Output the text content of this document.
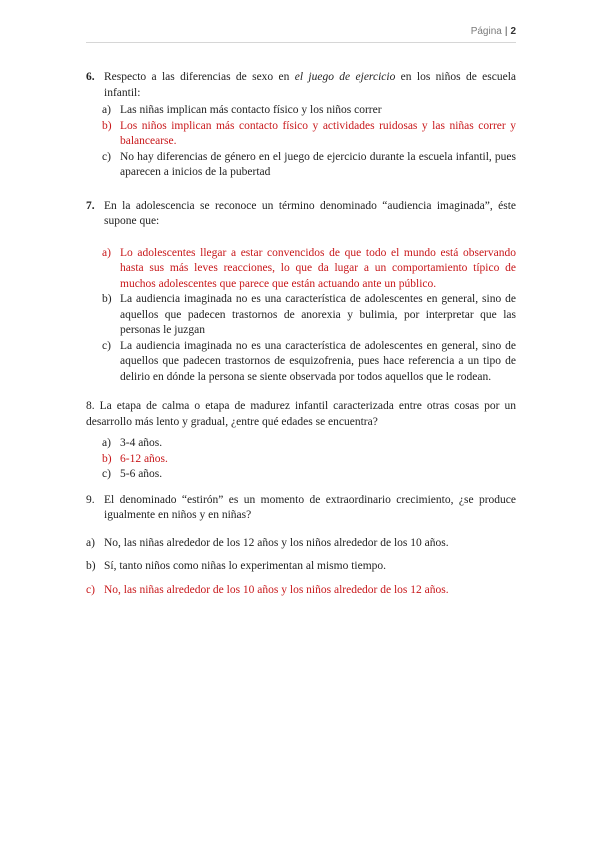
Página | 2
6. Respecto a las diferencias de sexo en el juego de ejercicio en los niños de escuela infantil:
a) Las niñas implican más contacto físico y los niños correr
b) Los niños implican más contacto físico y actividades ruidosas y las niñas correr y balancearse.
c) No hay diferencias de género en el juego de ejercicio durante la escuela infantil, pues aparecen a inicios de la pubertad
7. En la adolescencia se reconoce un término denominado “audiencia imaginada”, éste supone que:
a) Lo adolescentes llegar a estar convencidos de que todo el mundo está observando hasta sus más leves reacciones, lo que da lugar a un comportamiento típico de muchos adolescentes que parece que están actuando ante un público.
b) La audiencia imaginada no es una característica de adolescentes en general, sino de aquellos que padecen trastornos de anorexia y bulimia, por interpretar que las personas le juzgan
c) La audiencia imaginada no es una característica de adolescentes en general, sino de aquellos que padecen trastornos de esquizofrenia, pues hace referencia a un tipo de delirio en dónde la persona se siente observada por todos aquellos que le rodean.

8. La etapa de calma o etapa de madurez infantil caracterizada entre otras cosas por un desarrollo más lento y gradual, ¿entre qué edades se encuentra?

a) 3-4 años.
b) 6-12 años.
c) 5-6 años.
9. El denominado “estirón” es un momento de extraordinario crecimiento, ¿se produce igualmente en niños y en niñas?
a) No, las niñas alrededor de los 12 años y los niños alrededor de los 10 años.
b) Sí, tanto niños como niñas lo experimentan al mismo tiempo.
c) No, las niñas alrededor de los 10 años y los niños alrededor de los 12 años.
